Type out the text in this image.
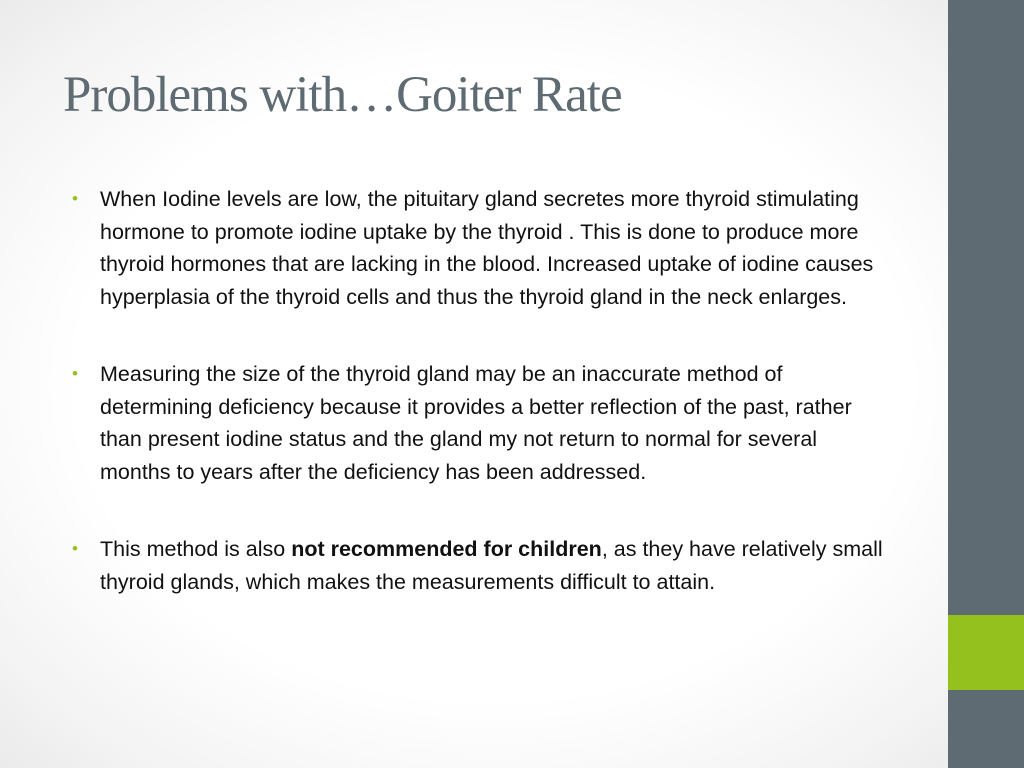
Problems with…Goiter Rate
• When Iodine levels are low, the pituitary gland secretes more thyroid stimulating hormone to promote iodine uptake by the thyroid . This is done to produce more thyroid hormones that are lacking in the blood. Increased uptake of iodine causes hyperplasia of the thyroid cells and thus the thyroid gland in the neck enlarges.
• Measuring the size of the thyroid gland may be an inaccurate method of determining deficiency because it provides a better reflection of the past, rather than present iodine status and the gland my not return to normal for several months to years after the deficiency has been addressed.
• This method is also not recommended for children, as they have relatively small thyroid glands, which makes the measurements difficult to attain.
